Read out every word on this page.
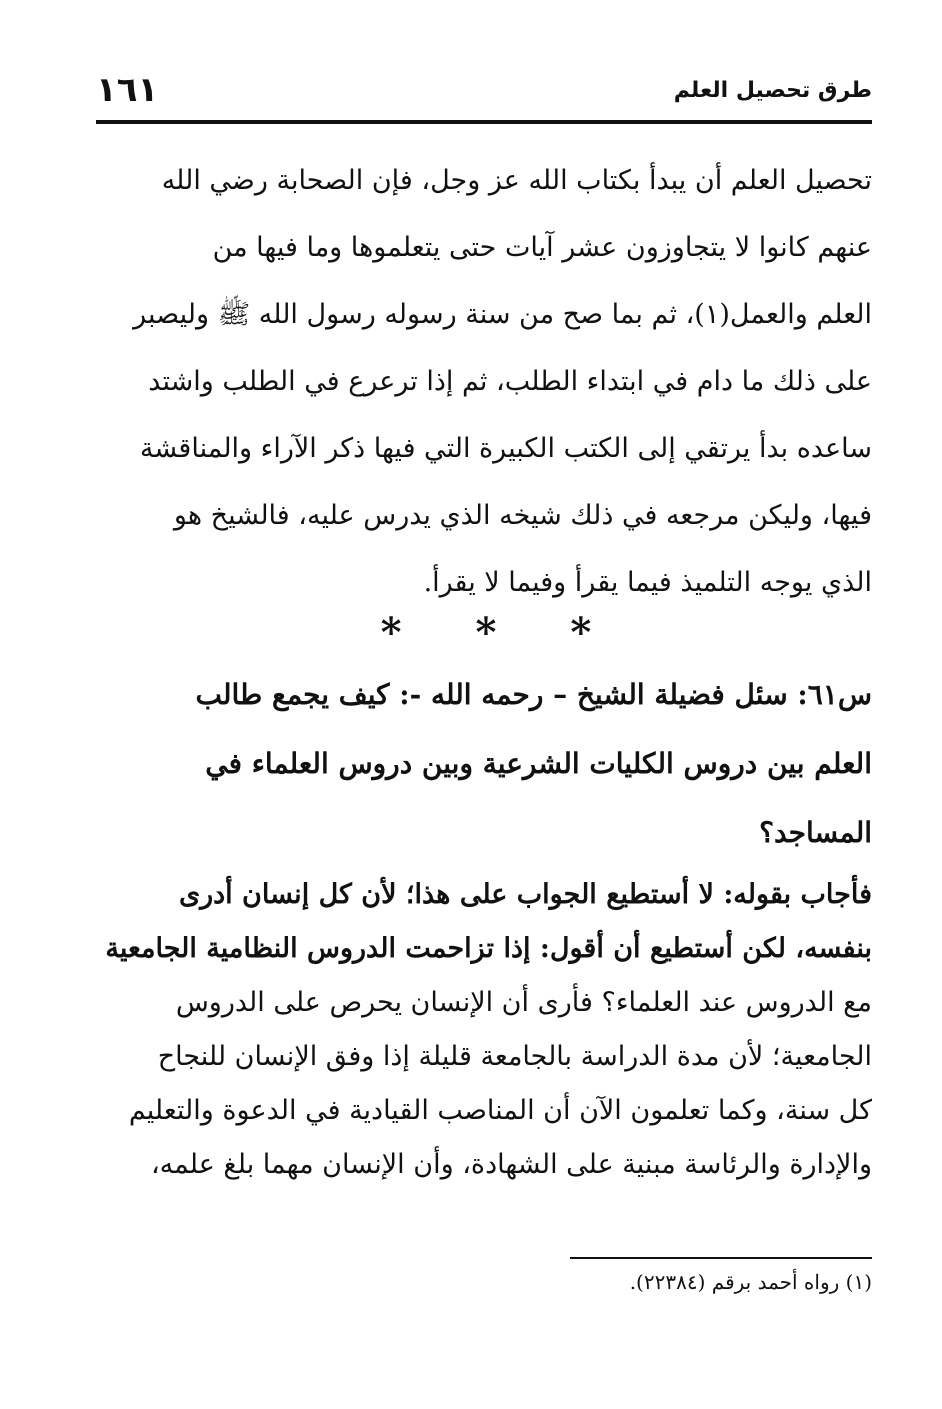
طرق تحصيل العلم
١٦١
تحصيل العلم أن يبدأ بكتاب الله عز وجل، فإن الصحابة رضي الله
عنهم كانوا لا يتجاوزون عشر آيات حتى يتعلموها وما فيها من
العلم والعمل(١)، ثم بما صح من سنة رسوله رسول الله ﷺ وليصبر
على ذلك ما دام في ابتداء الطلب، ثم إذا ترعرع في الطلب واشتد
ساعده بدأ يرتقي إلى الكتب الكبيرة التي فيها ذكر الآراء والمناقشة
فيها، وليكن مرجعه في ذلك شيخه الذي يدرس عليه، فالشيخ هو
الذي يوجه التلميذ فيما يقرأ وفيما لا يقرأ.
* * *
س٦١: سئل فضيلة الشيخ – رحمه الله -: كيف يجمع طالب
العلم بين دروس الكليات الشرعية وبين دروس العلماء في
المساجد؟
فأجاب بقوله: لا أستطيع الجواب على هذا؛ لأن كل إنسان أدرى
بنفسه، لكن أستطيع أن أقول: إذا تزاحمت الدروس النظامية الجامعية
مع الدروس عند العلماء؟ فأرى أن الإنسان يحرص على الدروس
الجامعية؛ لأن مدة الدراسة بالجامعة قليلة إذا وفق الإنسان للنجاح
كل سنة، وكما تعلمون الآن أن المناصب القيادية في الدعوة والتعليم
والإدارة والرئاسة مبنية على الشهادة، وأن الإنسان مهما بلغ علمه،
(١) رواه أحمد برقم (٢٢٣٨٤).
